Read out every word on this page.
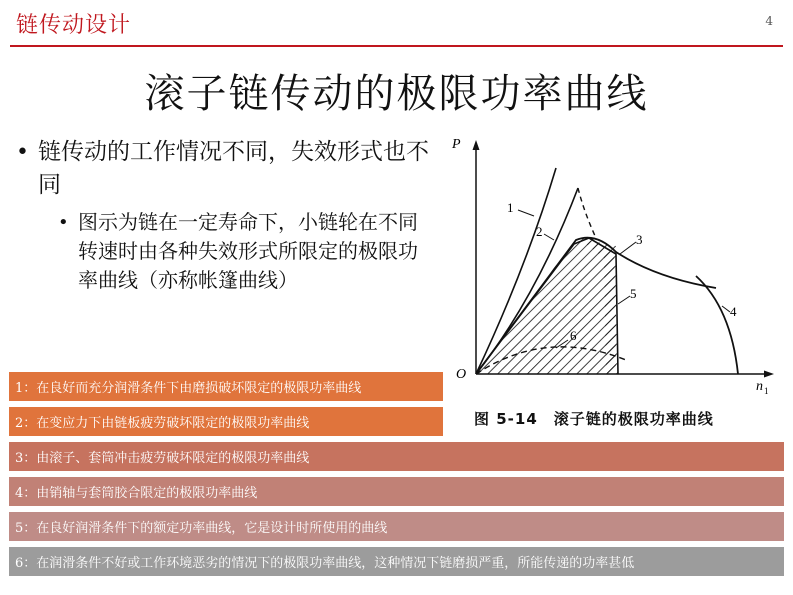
链传动设计	4
滚子链传动的极限功率曲线
• 链传动的工作情况不同，失效形式也不同
• 图示为链在一定寿命下，小链轮在不同转速时由各种失效形式所限定的极限功率曲线（亦称帐篷曲线）
P
n 1
O
1
2
3
4
5
6
图 5-14　滚子链的极限功率曲线
1：在良好而充分润滑条件下由磨损破坏限定的极限功率曲线
2：在变应力下由链板疲劳破坏限定的极限功率曲线
3：由滚子、套筒冲击疲劳破坏限定的极限功率曲线
4：由销轴与套筒胶合限定的极限功率曲线
5：在良好润滑条件下的额定功率曲线，它是设计时所使用的曲线
6：在润滑条件不好或工作环境恶劣的情况下的极限功率曲线，这种情况下链磨损严重，所能传递的功率甚低
